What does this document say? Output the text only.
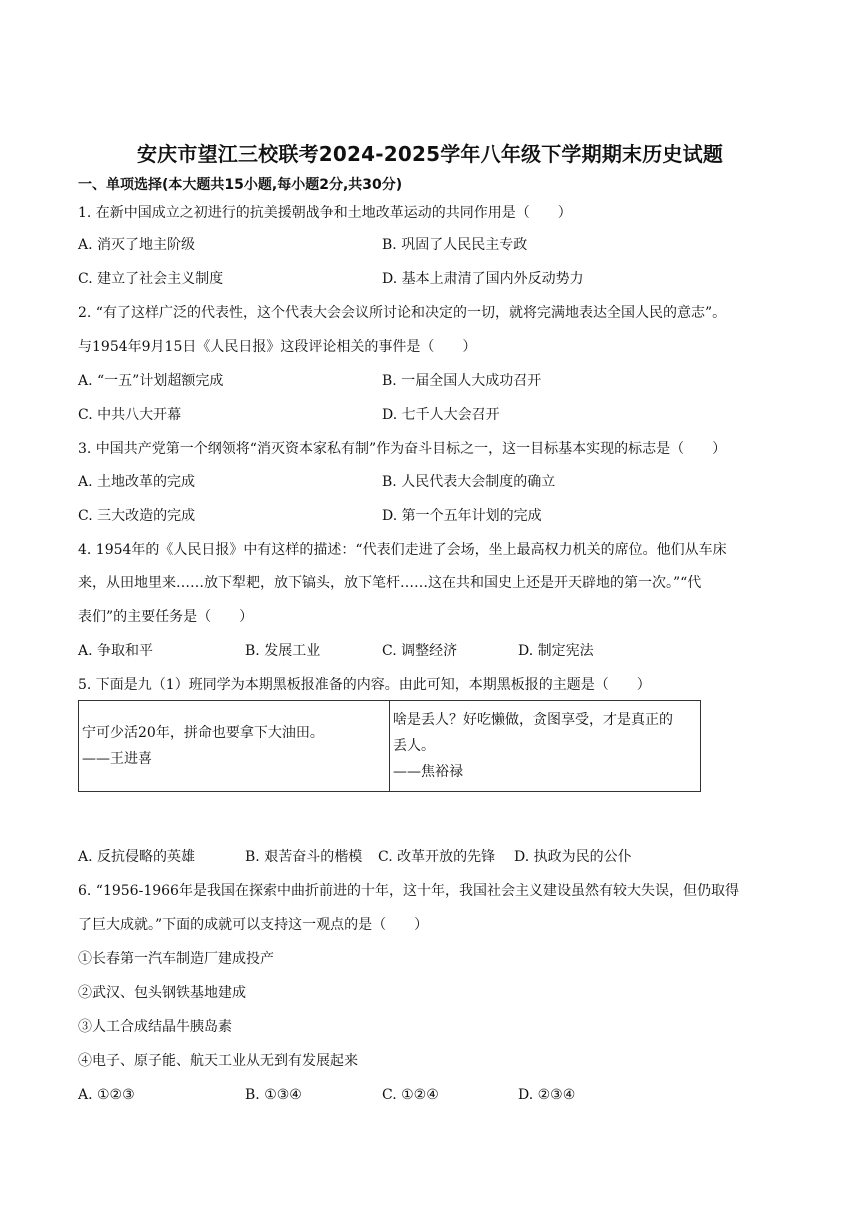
安庆市望江三校联考2024-2025学年八年级下学期期末历史试题
一、单项选择(本大题共15小题,每小题2分,共30分)
1. 在新中国成立之初进行的抗美援朝战争和土地改革运动的共同作用是（　　）
A. 消灭了地主阶级	B. 巩固了人民民主专政
C. 建立了社会主义制度	D. 基本上肃清了国内外反动势力
2. “有了这样广泛的代表性，这个代表大会会议所讨论和决定的一切，就将完满地表达全国人民的意志”。
与1954年9月15日《人民日报》这段评论相关的事件是（　　）
A. “一五”计划超额完成	B. 一届全国人大成功召开
C. 中共八大开幕	D. 七千人大会召开
3. 中国共产党第一个纲领将“消灭资本家私有制”作为奋斗目标之一，这一目标基本实现的标志是（　　）
A. 土地改革的完成	B. 人民代表大会制度的确立
C. 三大改造的完成	D. 第一个五年计划的完成
4. 1954年的《人民日报》中有这样的描述：“代表们走进了会场，坐上最高权力机关的席位。他们从车床
来，从田地里来……放下犁耙，放下镐头，放下笔杆……这在共和国史上还是开天辟地的第一次。”“代
表们”的主要任务是（　　）
A. 争取和平	B. 发展工业	C. 调整经济	D. 制定宪法
5. 下面是九（1）班同学为本期黑板报准备的内容。由此可知，本期黑板报的主题是（　　）
宁可少活20年，拼命也要拿下大油田。
——王进喜

啥是丢人？好吃懒做，贪图享受，才是真正的
丢人。
——焦裕禄
A. 反抗侵略的英雄	B. 艰苦奋斗的楷模 C. 改革开放的先锋 D. 执政为民的公仆
6. “1956-1966年是我国在探索中曲折前进的十年，这十年，我国社会主义建设虽然有较大失误，但仍取得
了巨大成就。”下面的成就可以支持这一观点的是（　　）
①长春第一汽车制造厂建成投产
②武汉、包头钢铁基地建成
③人工合成结晶牛胰岛素
④电子、原子能、航天工业从无到有发展起来
A. ①②③	B. ①③④	C. ①②④	D. ②③④
